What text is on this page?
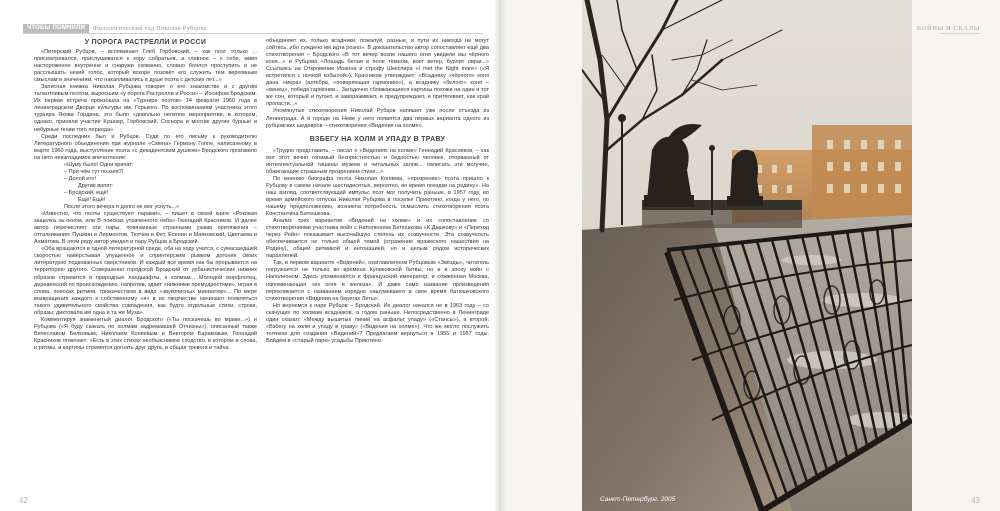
ЧТОБЫ ПОМНИЛИ	Филологический сад Николая Рубцова
У ПОРОГА РАСТРЕЛЛИ И РОССИ

«Питерский Рубцов, – вспоминает Глеб Горбовский, – как поэт только ... присматривался, прислушивался к хору собратьев, а главное – к себе, живя настороженно внутренне и снаружи скованно, словно боялся проступить и не расслышать некий голос, который вскоре позовёт его служить тем верховным смыслам и значениям, что накапливались в душе поэта с детских лет...»

Записная книжка Николая Рубцова говорит о его знакомстве и с другим талантливым поэтом, выросшим «у порога Растрелли и Росси» – Иосифом Бродским. Их первая встреча произошла на «Турнире поэтов» 14 февраля 1960 года в ленинградском Дворце культуры им. Горького. По воспоминаниям участника этого турнира Якова Гордина, это было «довольно нелепое мероприятие, в котором, однако, приняли участие Кушнер, Горбовский, Соснора и многие другие бурные и небурные гении того периода».

Среди последних был и Рубцов. Судя по его письму к руководителю Литературного объединения при журнале «Смена» Герману Гоппе, написанному в марте 1960 года, выступление поэта «с декадентским душком» Бродского произвело на него неизгладимое впечатление:

«Шуму было! Одни кричат:

– При чём тут поэзия?!

– Долой его!

Другие вопят:

– Бродский, ещё!

Ещё! Ещё!

После этого вечера я долго не мог уснуть...»

«Известно, что поэты существуют парами», – пишет в своей книге «Роковая защелка за окном, или В поисках утраченного неба» Геннадий Красников. И далее автор перечисляет эти пары, повязанные странными узами притяжения – отталкивания: Пушкин и Лермонтов, Тютчев и Фет, Есенин и Маяковский, Цветаева и Ахматова. В этом ряду автор увидел и пару Рубцов и Бродский.

«Оба вращаются в одной литературной среде, оба на ходу учатся, с сумасшедшей скоростью навёрстывая упущенное и спринтерским рывком догоняя своих литературно подкованных сверстников. И каждый всё время как бы прорывается на территорию другого. Совершенно городской Бродский от урбанистических нижних образов стремится в природные ландшафты, к холмам... Молодой морфлотец, деревенский по происхождению, напротив, здает «нижними премудростями», играя в слова, поисках ритмов, трюкачеством в виде «звукописных миниатюр»... По мере возвращения каждого к собственному «я» в их творчестве начинают появляться такого удивительного свойства совпадения, как будто отдельные стихи, строки, образы, диктовала им одна и та же Муза».

Комментируя знаменитый диалог Бродского («Ты поскачешь во мраке...») и Рубцова («Я буду скакать по холмам задремавшей Отчизны»), описанный также Вячеславом Белковым, Николаем Коняевым и Виктором Бараковым, Геннадий Красников отмечает: «Есть в этих стихах необъяснимое сходство, в котором и слова, и ритмы, и картины стремятся догнать друг друга, и общая тревога и тайна

объединяет их, только всадники, пожалуй, разные, и пути их никогда не могут сойтись, ибо суждено им идти розно». В доказательство автор сопоставляет ещё два стихотворения – Бродского «В тот вечер возле нашего огня увидели мы чёрного коня...» и Рубцова «Лошадь белая в поле тёмном, воет ветер, бурлит овраг...» Ссылаясь на Откровение Иоанна и строфу Шекспира «I met the Night mare» («Я встретился с ночной кобылой»), Красников утверждает: «Всаднику «чёрного» коня дана «мера» (алгебра, «поверяющая гармонию»), а всаднику «белого» коня – «венец», победа гармонии... Загадочно сближающиеся картины похожи на один и тот же сон, который и пугает, и завораживает, и предупреждает, и притягивает, как край пропасти...»

Упомянутые стихотворения Николай Рубцов напишет уже после отъезда из Ленинграда. А в городе на Неве у него появятся два первых варианта одного из рубцовских шедевров – стихотворения «Видения на холме».

ВЗБЕГУ НА ХОЛМ И УПАДУ В ТРАВУ

«Трудно представить, – писал о «Видениях на холме» Геннадий Красников, – как мог этот вечно гонимый беспристностью и бедностью человек, оторванный от интеллектуальной тишины музеев и читальных залов... написать эти могучие, обжигающие страшным прозрением стихи...»

По мнению биографа поэта Николая Коняева, «прозрение» поэта пришло к Рубцову в самом начале шестидесятых, вероятно, во время поездки на родину». На наш взгляд, соответствующий импульс поэт мог получить раньше, в 1957 году, во время армейского отпуска Николая Рубцова в поселке Приютино, когда у него, по нашему предположению, возникла потребность осмыслить стихотворения поэта Константина Батюшкова.

Анализ трех вариантов «Видений на холме» и их сопоставление со стихотворениями участника войн с Наполеоном Батюшкова «К Дашкову» и «Переход через Рейн» показывает высочайшую степень их созвучности. Эта созвучность обеспечивается не только общей темой (отражение вражеского нашествия на Родину), общей ритмикой и интонацией, но и целым рядом исторических параллелей.

Так, в первом варианте «Видений», озаглавленном Рубцовым «Звёзды», читатель погружается не только во времена Куликовской битвы, но и в эпоху войн с Наполеоном. Здесь упоминаются и французский император, и сожжённая Москва, напоминающая «из огня и железа». И даже само название произведения перекликается с названием изрядно нашумевшего в свое время батюшковского стихотворения «Видения на берегах Леты».

Но вернемся к паре Рубцов – Бродский. Их диалог начался не в 1963 году – со скачущих по холмам всадников, а годом раньше. Непосредственно в Ленинграде один сказал: «Между вышитых линий на асфальт упаду» («Стансы»), а второй: «Взбегу на холм и упаду в траву» («Видения на холме»). Что же могло послужить толчком для создания «Видений»? Предлагаем вернуться в 1955 и 1957 годы. Войдём в «старый парк» усадьбы Приютино.

42	43
ВОЙНЫ И СКАЛЫ
Санкт-Петербург. 2005
